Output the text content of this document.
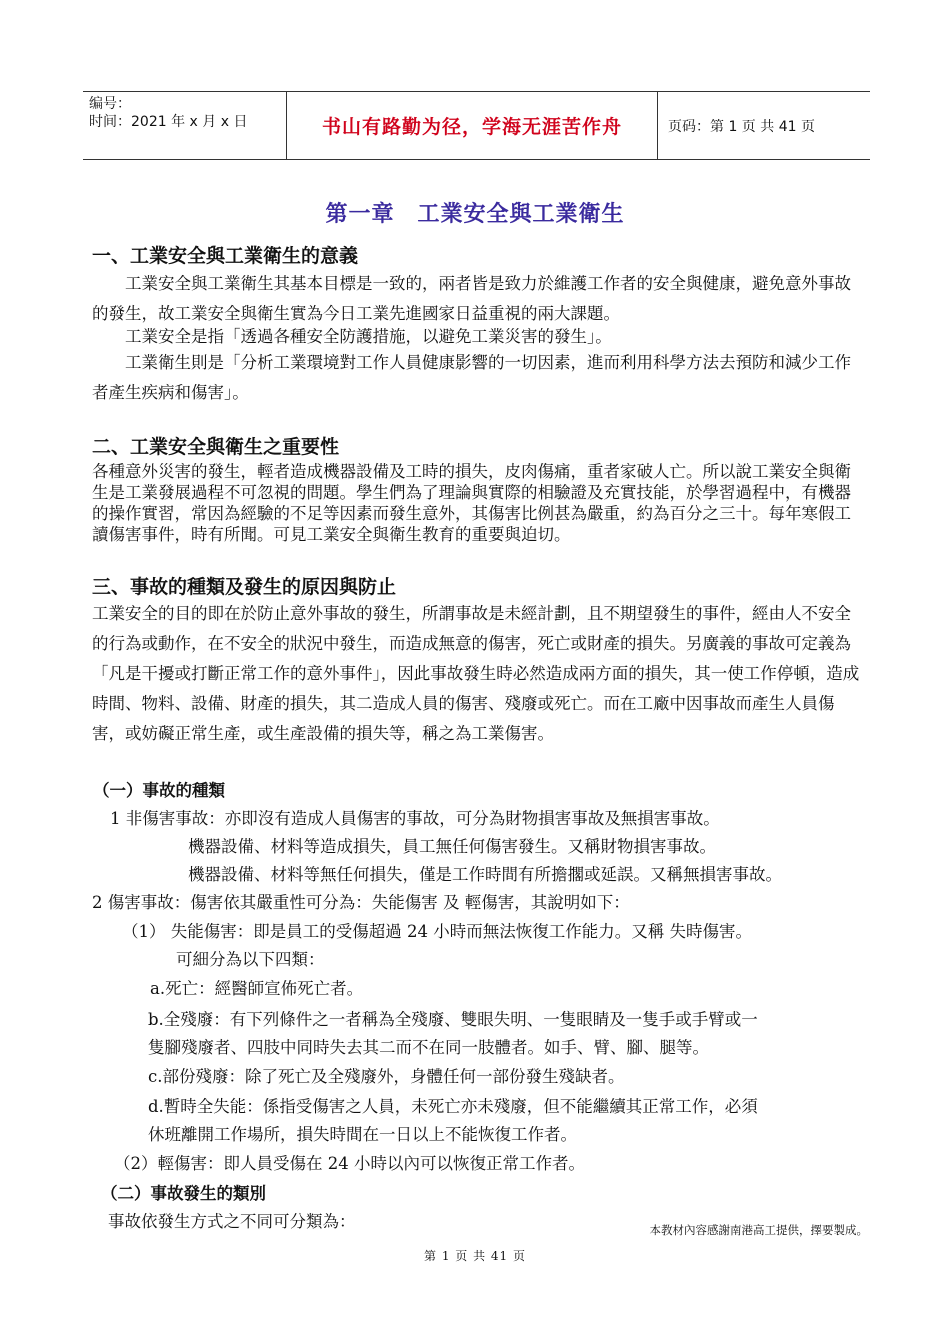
编号：
时间：2021 年 x 月 x 日	书山有路勤为径，学海无涯苦作舟	页码：第 1 页 共 41 页
第一章　工業安全與工業衛生
一、工業安全與工業衛生的意義
工業安全與工業衛生其基本目標是一致的，兩者皆是致力於維護工作者的安全與健康，避免意外事故的發生，故工業安全與衛生實為今日工業先進國家日益重視的兩大課題。
工業安全是指「透過各種安全防護措施，以避免工業災害的發生」。
工業衛生則是「分析工業環境對工作人員健康影響的一切因素，進而利用科學方法去預防和減少工作者產生疾病和傷害」。
二、工業安全與衛生之重要性
各種意外災害的發生，輕者造成機器設備及工時的損失，皮肉傷痛，重者家破人亡。所以說工業安全與衛生是工業發展過程不可忽視的問題。學生們為了理論與實際的相驗證及充實技能，於學習過程中，有機器的操作實習，常因為經驗的不足等因素而發生意外，其傷害比例甚為嚴重，約為百分之三十。每年寒假工讀傷害事件，時有所聞。可見工業安全與衛生教育的重要與迫切。
三、事故的種類及發生的原因與防止
工業安全的目的即在於防止意外事故的發生，所謂事故是未經計劃，且不期望發生的事件，經由人不安全的行為或動作，在不安全的狀況中發生，而造成無意的傷害，死亡或財產的損失。另廣義的事故可定義為「凡是干擾或打斷正常工作的意外事件」，因此事故發生時必然造成兩方面的損失，其一使工作停頓，造成時間、物料、設備、財產的損失，其二造成人員的傷害、殘廢或死亡。而在工廠中因事故而產生人員傷害，或妨礙正常生產，或生產設備的損失等，稱之為工業傷害。
（一）事故的種類
1 非傷害事故：亦即沒有造成人員傷害的事故，可分為財物損害事故及無損害事故。
機器設備、材料等造成損失，員工無任何傷害發生。又稱財物損害事故。
機器設備、材料等無任何損失，僅是工作時間有所擔擱或延誤。又稱無損害事故。
2 傷害事故：傷害依其嚴重性可分為：失能傷害 及 輕傷害，其說明如下：
（1） 失能傷害：即是員工的受傷超過 24 小時而無法恢復工作能力。又稱 失時傷害。
可細分為以下四類：
a.死亡：經醫師宣佈死亡者。
b.全殘廢：有下列條件之一者稱為全殘廢、雙眼失明、一隻眼睛及一隻手或手臂或一
隻腳殘廢者、四肢中同時失去其二而不在同一肢體者。如手、臂、腳、腿等。
c.部份殘廢：除了死亡及全殘廢外，身體任何一部份發生殘缺者。
d.暫時全失能：係指受傷害之人員，未死亡亦未殘廢，但不能繼續其正常工作，必須
休班離開工作場所，損失時間在一日以上不能恢復工作者。
（2）輕傷害：即人員受傷在 24 小時以內可以恢復正常工作者。
（二）事故發生的類別
事故依發生方式之不同可分類為：	本教材內容感謝南港高工提供，擇要製成。
第 1 页 共 41 页
